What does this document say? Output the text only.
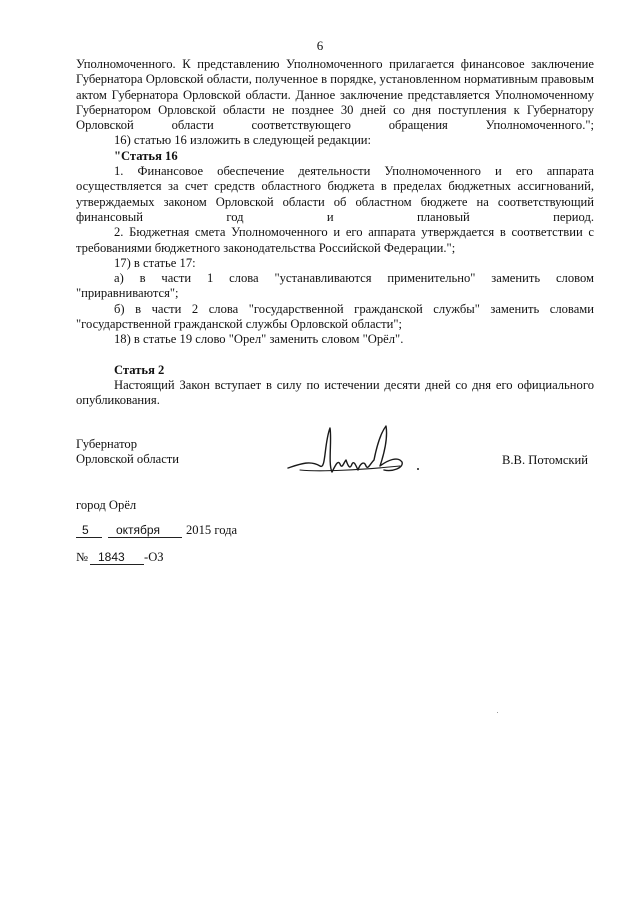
6

Уполномоченного. К представлению Уполномоченного прилагается финансовое заключение Губернатора Орловской области, полученное в порядке, установленном нормативным правовым актом Губернатора Орловской области. Данное заключение представляется Уполномоченному Губернатором Орловской области не позднее 30 дней со дня поступления к Губернатору Орловской области соответствующего обращения Уполномоченного.";

16) статью 16 изложить в следующей редакции:

"Статья 16

1. Финансовое обеспечение деятельности Уполномоченного и его аппарата осуществляется за счет средств областного бюджета в пределах бюджетных ассигнований, утверждаемых законом Орловской области об областном бюджете на соответствующий финансовый год и плановый период.

2. Бюджетная смета Уполномоченного и его аппарата утверждается в соответствии с требованиями бюджетного законодательства Российской Федерации.";

17) в статье 17:

а) в части 1 слова "устанавливаются применительно" заменить словом "приравниваются";

б) в части 2 слова "государственной гражданской службы" заменить словами "государственной гражданской службы Орловской области";

18) в статье 19 слово "Орел" заменить словом "Орёл".

Статья 2

Настоящий Закон вступает в силу по истечении десяти дней со дня его официального опубликования.

Губернатор
Орловской области	В.В. Потомский
город Орёл
5 октября 2015 года
№ 1843 -ОЗ
